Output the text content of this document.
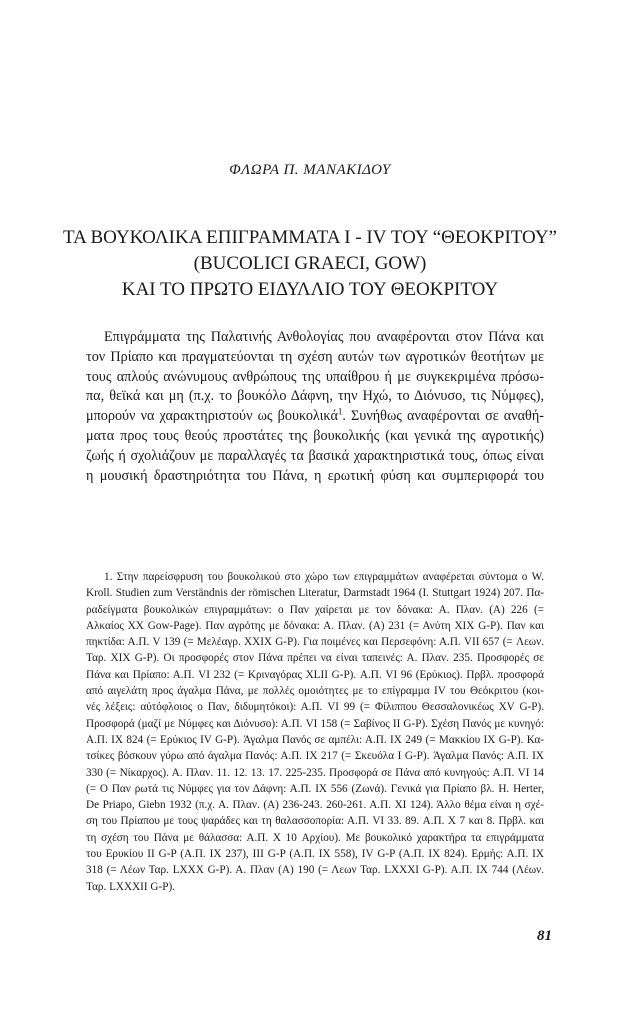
ΦΛΩΡΑ Π. ΜΑΝΑΚΙΔΟΥ
ΤΑ ΒΟΥΚΟΛΙΚΑ ΕΠΙΓΡΑΜΜΑΤΑ Ι - IV ΤΟΥ “ΘΕΟΚΡΙΤΟΥ”
(BUCOLICI GRAECI, GOW)
ΚΑΙ ΤΟ ΠΡΩΤΟ ΕΙΔΥΛΛΙΟ ΤΟΥ ΘΕΟΚΡΙΤΟΥ
Επιγράμματα της Παλατινής Ανθολογίας που αναφέρονται στον Πάνα και
τον Πρίαπο και πραγματεύονται τη σχέση αυτών των αγροτικών θεοτήτων με
τους απλούς ανώνυμους ανθρώπους της υπαίθρου ή με συγκεκριμένα πρόσω-
πα, θεϊκά και μη (π.χ. το βουκόλο Δάφνη, την Ηχώ, το Διόνυσο, τις Νύμφες),
μπορούν να χαρακτηριστούν ως βουκολικά$^1$. Συνήθως αναφέρονται σε αναθή-
ματα προς τους θεούς προστάτες της βουκολικής (και γενικά της αγροτικής)
ζωής ή σχολιάζουν με παραλλαγές τα βασικά χαρακτηριστικά τους, όπως είναι
η μουσική δραστηριότητα του Πάνα, η ερωτική φύση και συμπεριφορά του
1. Στην παρείσφρυση του βουκολικού στο χώρο των επιγραμμάτων αναφέρεται σύντομα ο W.
Kroll. Studien zum Verständnis der römischen Literatur, Darmstadt 1964 (I. Stuttgart 1924) 207. Πα-
ραδείγματα βουκολικών επιγραμμάτων: ο Παν χαίρεται με τον δόνακα: Α. Πλαν. (Α) 226 (=
Αλκαίος XX Gow-Page). Παν αγρότης με δόνακα: Α. Πλαν. (Α) 231 (= Ανύτη XIX G-P). Παν και
πηκτίδα: Α.Π. V 139 (= Μελέαγρ. XXIX G-P). Για ποιμένες και Περσεφόνη: Α.Π. VII 657 (= Λεων.
Ταρ. XIX G-P). Οι προσφορές στον Πάνα πρέπει να είναι ταπεινές: Α. Πλαν. 235. Προσφορές σε
Πάνα και Πρίαπο: Α.Π. VI 232 (= Κριναγόρας XLII G-P). Α.Π. VI 96 (Ερύκιος). Πρβλ. προσφορά
από αιγελάτη προς άγαλμα Πάνα, με πολλές ομοιότητες με το επίγραμμα IV του Θεόκριτου (κοι-
νές λέξεις: αὐτόφλοιος ο Παν, διδυμητόκοι): Α.Π. VI 99 (= Φίλιππου Θεσσαλονικέως XV G-P).
Προσφορά (μαζί με Νύμφες και Διόνυσο): Α.Π. VI 158 (= Σαβίνος II G-P). Σχέση Πανός με κυνηγό:
Α.Π. IX 824 (= Ερύκιος IV G-P). Άγαλμα Πανός σε αμπέλι: Α.Π. IX 249 (= Μακκίου IX G-P). Κα-
τσίκες βόσκουν γύρω από άγαλμα Πανός: Α.Π. IX 217 (= Σκευόλα I G-P). Άγαλμα Πανός: Α.Π. IX
330 (= Νίκαρχος). Α. Πλαν. 11. 12. 13. 17. 225-235. Προσφορά σε Πάνα από κυνηγούς: Α.Π. VI 14
(= Ο Παν ρωτά τις Νύμφες για τον Δάφνη: Α.Π. IX 556 (Ζωνά). Γενικά για Πρίαπο βλ. H. Herter,
De Priapo, Giebn 1932 (π.χ. Α. Πλαν. (Α) 236-243. 260-261. Α.Π. XI 124). Άλλο θέμα είναι η σχέ-
ση του Πρίαπου με τους ψαράδες και τη θαλασσοπορία: Α.Π. VI 33. 89. Α.Π. X 7 και 8. Πρβλ. και
τη σχέση του Πάνα με θάλασσα: Α.Π. X 10 Αρχίου). Με βουκολικό χαρακτήρα τα επιγράμματα
του Ερυκίου II G-P (Α.Π. IX 237), III G-P (Α.Π. IX 558), IV G-P (Α.Π. IX 824). Ερμής: Α.Π. IX
318 (= Λέων Ταρ. LXXX G-P). Α. Πλαν (Α) 190 (= Λεων Ταρ. LXXXI G-P). Α.Π. IX 744 (Λέων.
Ταρ. LXXXII G-P).
81
